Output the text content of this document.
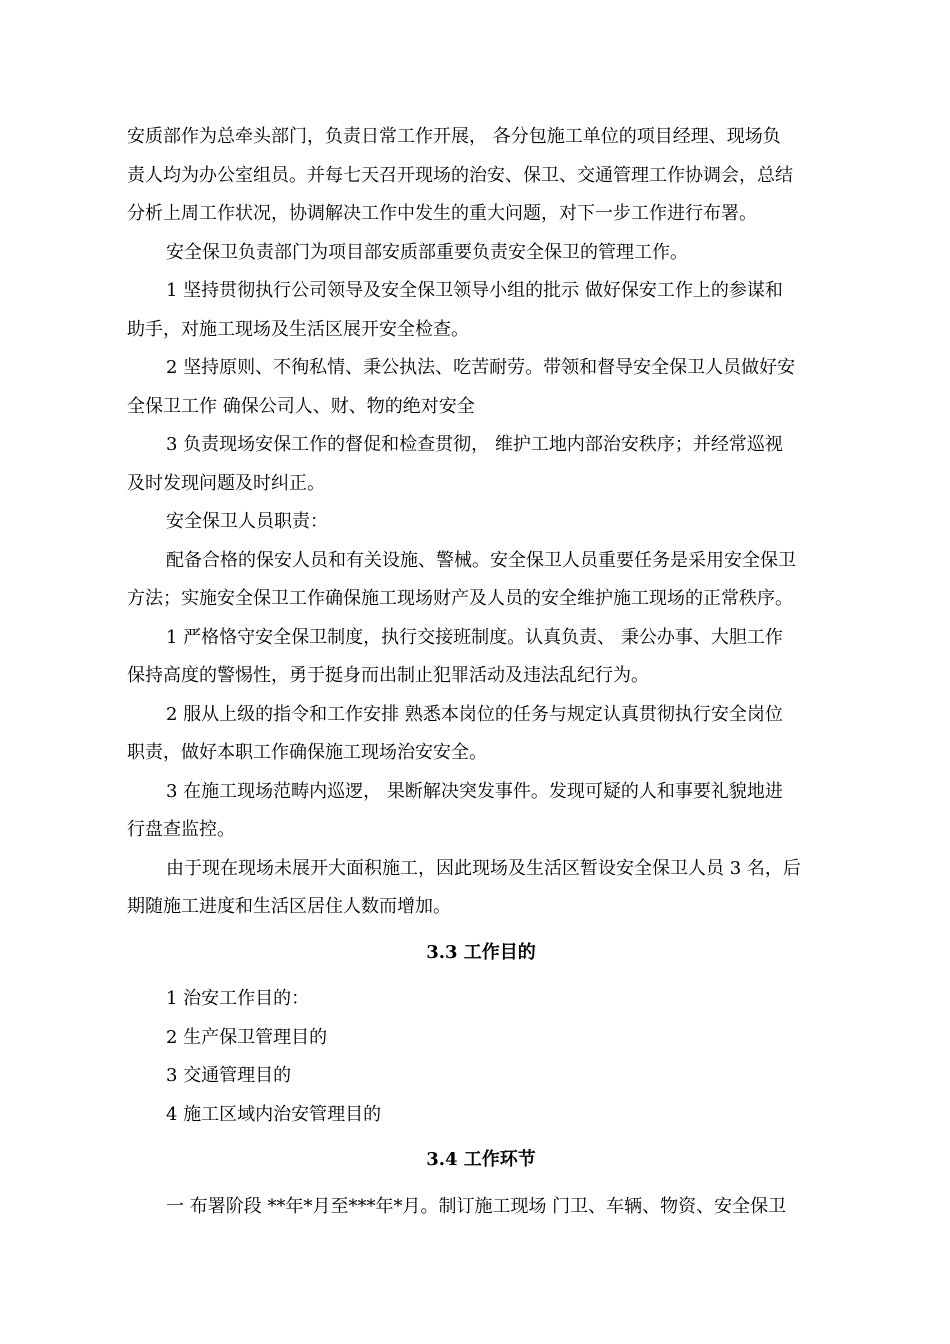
安质部作为总牵头部门，负责日常工作开展， 各分包施工单位的项目经理、现场负
责人均为办公室组员。并每七天召开现场的治安、保卫、交通管理工作协调会，总结
分析上周工作状况，协调解决工作中发生的重大问题，对下一步工作进行布署。

安全保卫负责部门为项目部安质部重要负责安全保卫的管理工作。

1 坚持贯彻执行公司领导及安全保卫领导小组的批示 做好保安工作上的参谋和
助手，对施工现场及生活区展开安全检查。

2 坚持原则、不徇私情、秉公执法、吃苦耐劳。带领和督导安全保卫人员做好安
全保卫工作 确保公司人、财、物的绝对安全

3 负责现场安保工作的督促和检查贯彻， 维护工地内部治安秩序；并经常巡视
及时发现问题及时纠正。

安全保卫人员职责：

配备合格的保安人员和有关设施、警械。安全保卫人员重要任务是采用安全保卫
方法；实施安全保卫工作确保施工现场财产及人员的安全维护施工现场的正常秩序。

1 严格恪守安全保卫制度，执行交接班制度。认真负责、 秉公办事、大胆工作
保持高度的警惕性，勇于挺身而出制止犯罪活动及违法乱纪行为。

2 服从上级的指令和工作安排 熟悉本岗位的任务与规定认真贯彻执行安全岗位
职责，做好本职工作确保施工现场治安安全。

3 在施工现场范畴内巡逻， 果断解决突发事件。发现可疑的人和事要礼貌地进
行盘查监控。

由于现在现场未展开大面积施工，因此现场及生活区暂设安全保卫人员 3 名，后
期随施工进度和生活区居住人数而增加。

3.3 工作目的

1 治安工作目的：

2 生产保卫管理目的

3 交通管理目的

4 施工区域内治安管理目的

3.4 工作环节

一 布署阶段 **年*月至***年*月。制订施工现场 门卫、车辆、物资、安全保卫
